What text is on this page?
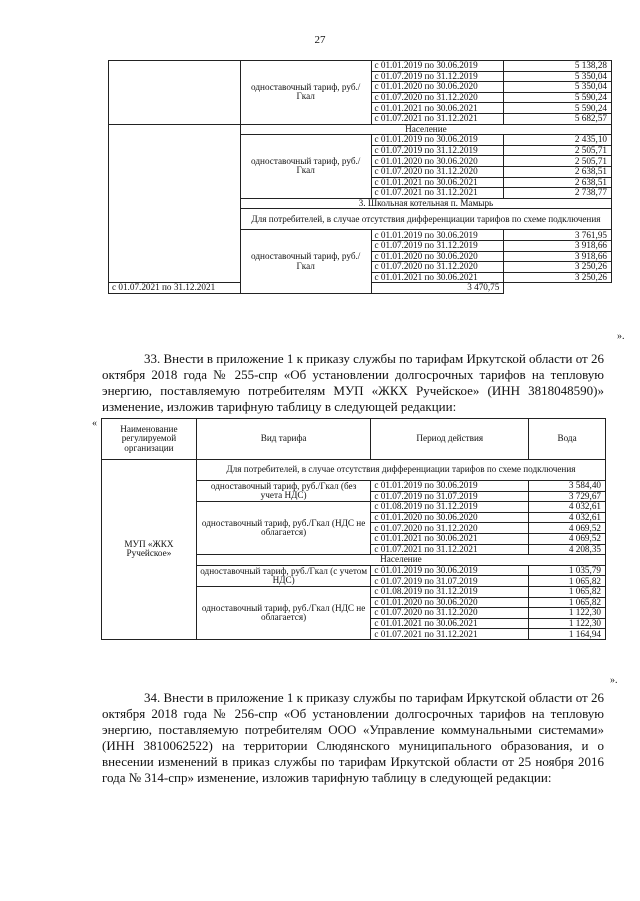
27
	одноставочный тариф, руб./Гкал	с 01.01.2019 по 30.06.2019	5 138,28
		с 01.07.2019 по 31.12.2019	5 350,04
		с 01.01.2020 по 30.06.2020	5 350,04
		с 01.07.2020 по 31.12.2020	5 590,24
		с 01.01.2021 по 30.06.2021	5 590,24
		с 01.07.2021 по 31.12.2021	5 682,57
	Население		
	одноставочный тариф, руб./Гкал	с 01.01.2019 по 30.06.2019	2 435,10
		с 01.07.2019 по 31.12.2019	2 505,71
		с 01.01.2020 по 30.06.2020	2 505,71
		с 01.07.2020 по 31.12.2020	2 638,51
		с 01.01.2021 по 30.06.2021	2 638,51
		с 01.07.2021 по 31.12.2021	2 738,77
	3. Школьная котельная п. Мамырь		
	Для потребителей, в случае отсутствия дифференциации тарифов по схеме подключения		
	одноставочный тариф, руб./Гкал	с 01.01.2019 по 30.06.2019	3 761,95
		с 01.07.2019 по 31.12.2019	3 918,66
		с 01.01.2020 по 30.06.2020	3 918,66
		с 01.07.2020 по 31.12.2020	3 250,26
		с 01.01.2021 по 30.06.2021	3 250,26
с 01.07.2021 по 31.12.2021		3 470,75	
».

33. Внести в приложение 1 к приказу службы по тарифам Иркутской области от 26 октября 2018 года № 255-спр «Об установлении долгосрочных тарифов на тепловую энергию, поставляемую потребителям МУП «ЖКХ Ручейское» (ИНН 3818048590)» изменение, изложив тарифную таблицу в следующей редакции:

«
Наименование регулируемой организации	Вид тарифа	Период действия	Вода
МУП «ЖКХ Ручейское»	Для потребителей, в случае отсутствия дифференциации тарифов по схеме подключения		
	одноставочный тариф, руб./Гкал (без учета НДС)	с 01.01.2019 по 30.06.2019	3 584,40
		с 01.07.2019 по 31.07.2019	3 729,67
	одноставочный тариф, руб./Гкал (НДС не облагается)	с 01.08.2019 по 31.12.2019	4 032,61
		с 01.01.2020 по 30.06.2020	4 032,61
		с 01.07.2020 по 31.12.2020	4 069,52
		с 01.01.2021 по 30.06.2021	4 069,52
		с 01.07.2021 по 31.12.2021	4 208,35
	Население		
	одноставочный тариф, руб./Гкал (с учетом НДС)	с 01.01.2019 по 30.06.2019	1 035,79
		с 01.07.2019 по 31.07.2019	1 065,82
	одноставочный тариф, руб./Гкал (НДС не облагается)	с 01.08.2019 по 31.12.2019	1 065,82
		с 01.01.2020 по 30.06.2020	1 065,82
		с 01.07.2020 по 31.12.2020	1 122,30
		с 01.01.2021 по 30.06.2021	1 122,30
		с 01.07.2021 по 31.12.2021	1 164,94
».

34. Внести в приложение 1 к приказу службы по тарифам Иркутской области от 26 октября 2018 года № 256-спр «Об установлении долгосрочных тарифов на тепловую энергию, поставляемую потребителям ООО «Управление коммунальными системами» (ИНН 3810062522) на территории Слюдянского муниципального образования, и о внесении изменений в приказ службы по тарифам Иркутской области от 25 ноября 2016 года № 314-спр» изменение, изложив тарифную таблицу в следующей редакции:
